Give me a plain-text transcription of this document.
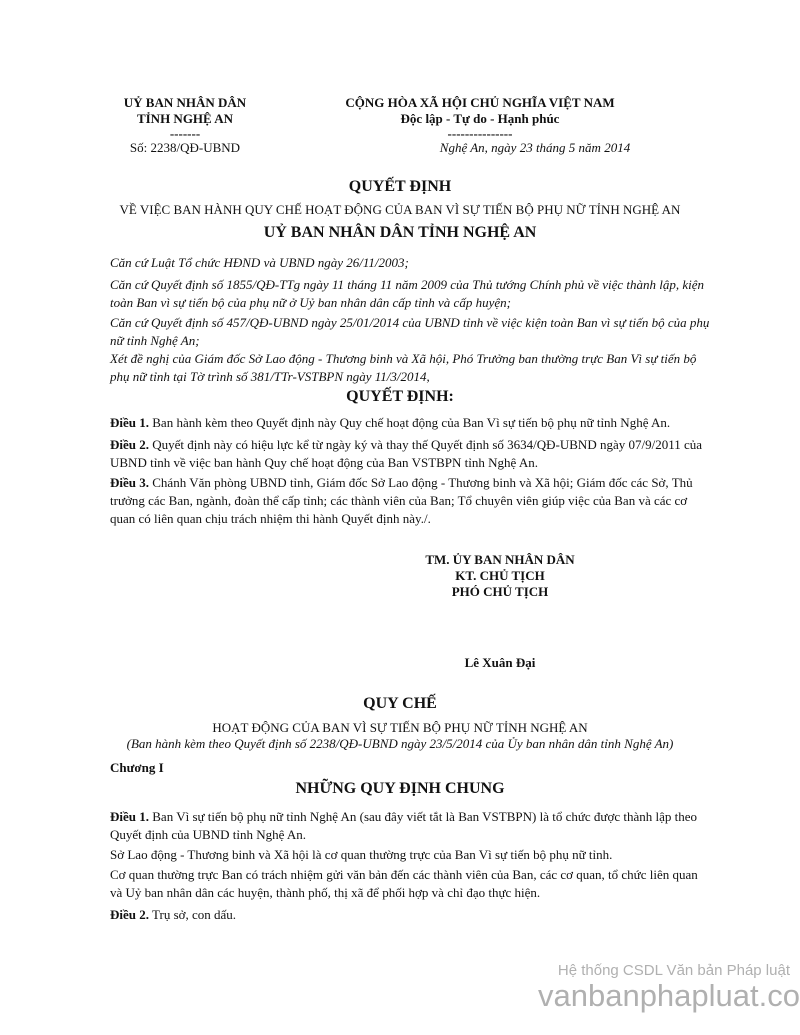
UỶ BAN NHÂN DÂN
TỈNH NGHỆ AN
-------
Số: 2238/QĐ-UBND
CỘNG HÒA XÃ HỘI CHỦ NGHĨA VIỆT NAM
Độc lập - Tự do - Hạnh phúc
---------------
Nghệ An, ngày 23 tháng 5 năm 2014
QUYẾT ĐỊNH
VỀ VIỆC BAN HÀNH QUY CHẾ HOẠT ĐỘNG CỦA BAN VÌ SỰ TIẾN BỘ PHỤ NỮ TỈNH NGHỆ AN
UỶ BAN NHÂN DÂN TỈNH NGHỆ AN
Căn cứ Luật Tổ chức HĐND và UBND ngày 26/11/2003;
Căn cứ Quyết định số 1855/QĐ-TTg ngày 11 tháng 11 năm 2009 của Thủ tướng Chính phủ về việc thành lập, kiện toàn Ban vì sự tiến bộ của phụ nữ ở Uỷ ban nhân dân cấp tỉnh và cấp huyện;
Căn cứ Quyết định số 457/QĐ-UBND ngày 25/01/2014 của UBND tỉnh về việc kiện toàn Ban vì sự tiến bộ của phụ nữ tỉnh Nghệ An;
Xét đề nghị của Giám đốc Sở Lao động - Thương binh và Xã hội, Phó Trưởng ban thường trực Ban Vì sự tiến bộ phụ nữ tỉnh tại Tờ trình số 381/TTr-VSTBPN ngày 11/3/2014,
QUYẾT ĐỊNH:
Điều 1. Ban hành kèm theo Quyết định này Quy chế hoạt động của Ban Vì sự tiến bộ phụ nữ tỉnh Nghệ An.
Điều 2. Quyết định này có hiệu lực kể từ ngày ký và thay thế Quyết định số 3634/QĐ-UBND ngày 07/9/2011 của UBND tỉnh về việc ban hành Quy chế hoạt động của Ban VSTBPN tỉnh Nghệ An.
Điều 3. Chánh Văn phòng UBND tỉnh, Giám đốc Sở Lao động - Thương binh và Xã hội; Giám đốc các Sở, Thủ trưởng các Ban, ngành, đoàn thể cấp tỉnh; các thành viên của Ban; Tổ chuyên viên giúp việc của Ban và các cơ quan có liên quan chịu trách nhiệm thi hành Quyết định này./.
TM. ỦY BAN NHÂN DÂN
KT. CHỦ TỊCH
PHÓ CHỦ TỊCH
Lê Xuân Đại
QUY CHẾ
HOẠT ĐỘNG CỦA BAN VÌ SỰ TIẾN BỘ PHỤ NỮ TỈNH NGHỆ AN
(Ban hành kèm theo Quyết định số 2238/QĐ-UBND ngày 23/5/2014 của Ủy ban nhân dân tỉnh Nghệ An)
Chương I
NHỮNG QUY ĐỊNH CHUNG
Điều 1. Ban Vì sự tiến bộ phụ nữ tỉnh Nghệ An (sau đây viết tắt là Ban VSTBPN) là tổ chức được thành lập theo Quyết định của UBND tỉnh Nghệ An.
Sở Lao động - Thương binh và Xã hội là cơ quan thường trực của Ban Vì sự tiến bộ phụ nữ tỉnh.
Cơ quan thường trực Ban có trách nhiệm gửi văn bản đến các thành viên của Ban, các cơ quan, tổ chức liên quan và Uỷ ban nhân dân các huyện, thành phố, thị xã để phối hợp và chỉ đạo thực hiện.
Điều 2. Trụ sở, con dấu.
Hệ thống CSDL Văn bản Pháp luật
vanbanphapluat.co
